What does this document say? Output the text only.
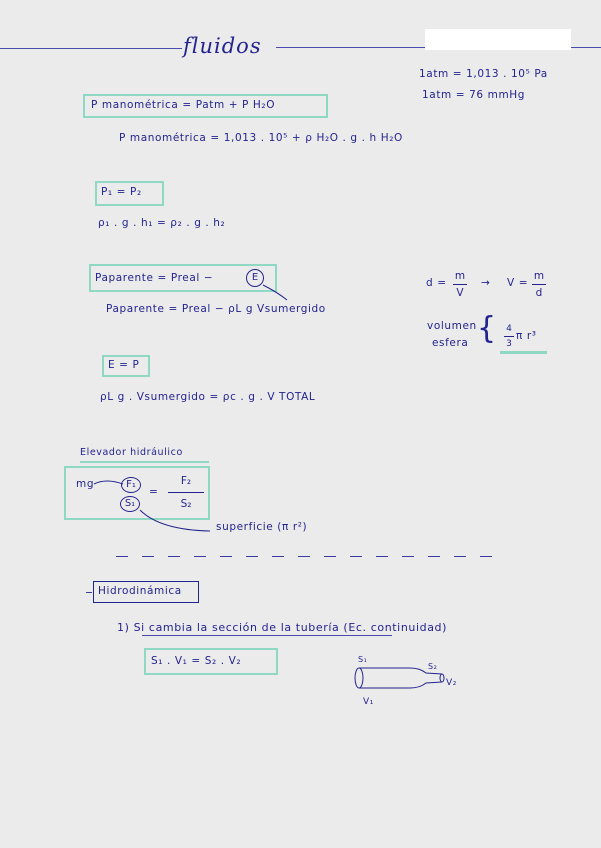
fluidos
1atm = 1,013 . 10⁵ Pa
1atm = 76 mmHg
P manométrica = Patm + P H₂O
P manométrica = 1,013 . 10⁵ + ρ H₂O . g . h H₂O
P₁ = P₂
ρ₁ . g . h₁ = ρ₂ . g . h₂
Paparente = Preal −	E
Paparente = Preal − ρL g Vsumergido
d =
m
V
→ V =
m
d
volumen
esfera { 4
3
π r³
E = P
ρL g . Vsumergido = ρc . g . V TOTAL
Elevador hidráulico
mg	F₁
S₁
=
F₂
S₂
superficie (π r²)
Hidrodinámica
1) Si cambia la sección de la tubería (Ec. continuidad)
S₁ . V₁ = S₂ . V₂	S₁
S₂
V₁
V₂
